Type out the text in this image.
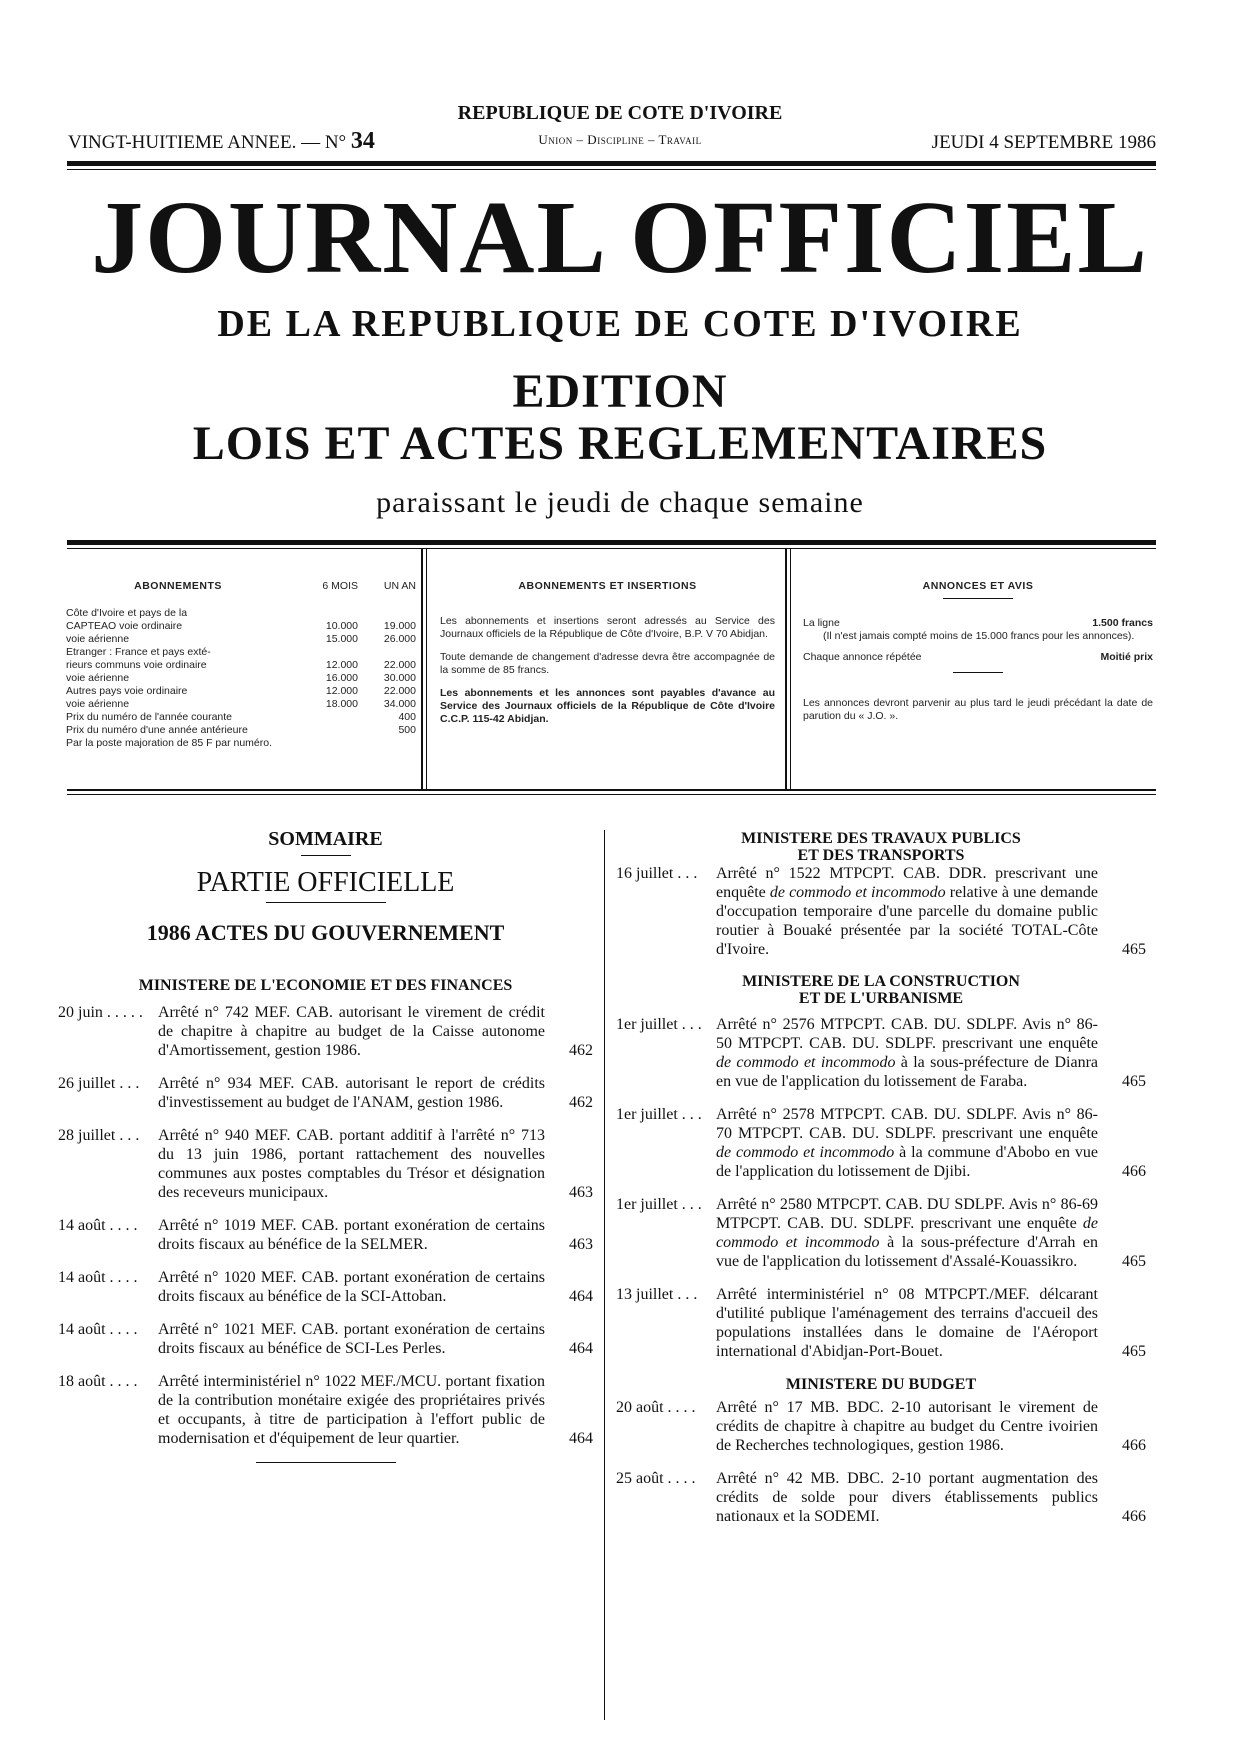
REPUBLIQUE DE COTE D'IVOIRE
VINGT-HUITIEME ANNEE. — N° 34	Union – Discipline – Travail	JEUDI 4 SEPTEMBRE 1986
JOURNAL OFFICIEL
DE LA REPUBLIQUE DE COTE D'IVOIRE
EDITION
LOIS ET ACTES REGLEMENTAIRES
paraissant le jeudi de chaque semaine
ABONNEMENTS	6 MOIS	UN AN
Côte d'Ivoire et pays de la
CAPTEAO voie ordinaire	10.000	19.000
voie aérienne	15.000	26.000
Etranger : France et pays exté-
rieurs communs voie ordinaire	12.000	22.000
voie aérienne	16.000	30.000
Autres pays voie ordinaire	12.000	22.000
voie aérienne	18.000	34.000
Prix du numéro de l'année courante	400
Prix du numéro d'une année antérieure	500
Par la poste majoration de 85 F par numéro.
ABONNEMENTS ET INSERTIONS
Les abonnements et insertions seront adressés au Service des Journaux officiels de la République de Côte d'Ivoire, B.P. V 70 Abidjan.
Toute demande de changement d'adresse devra être accompagnée de la somme de 85 francs.
Les abonnements et les annonces sont payables d'avance au Service des Journaux officiels de la République de Côte d'Ivoire C.C.P. 115-42 Abidjan.
ANNONCES ET AVIS
La ligne	1.500 francs
(Il n'est jamais compté moins de 15.000 francs pour les annonces).
Chaque annonce répétée	Moitié prix
Les annonces devront parvenir au plus tard le jeudi précédant la date de parution du « J.O. ».
SOMMAIRE
PARTIE OFFICIELLE
1986 ACTES DU GOUVERNEMENT
MINISTERE DE L'ECONOMIE ET DES FINANCES
20 juin . . . . . Arrêté n° 742 MEF. CAB. autorisant le virement de crédit de chapitre à chapitre au budget de la Caisse autonome d'Amortissement, gestion 1986.	462
26 juillet . . .	Arrêté n° 934 MEF. CAB. autorisant le report de crédits d'investissement au budget de l'ANAM, gestion 1986.	462
28 juillet . . .	Arrêté n° 940 MEF. CAB. portant additif à l'arrêté n° 713 du 13 juin 1986, portant rattachement des nouvelles communes aux postes comptables du Trésor et désignation des receveurs municipaux.	463
14 août . . . .	Arrêté n° 1019 MEF. CAB. portant exonération de certains droits fiscaux au bénéfice de la SELMER.	463
14 août . . . .	Arrêté n° 1020 MEF. CAB. portant exonération de certains droits fiscaux au bénéfice de la SCI-Attoban.	464
14 août . . . .	Arrêté n° 1021 MEF. CAB. portant exonération de certains droits fiscaux au bénéfice de SCI-Les Perles.	464
18 août . . . .	Arrêté interministériel n° 1022 MEF./MCU. portant fixation de la contribution monétaire exigée des propriétaires privés et occupants, à titre de participation à l'effort public de modernisation et d'équipement de leur quartier.	464
MINISTERE DES TRAVAUX PUBLICS
ET DES TRANSPORTS
16 juillet . . .	Arrêté n° 1522 MTPCPT. CAB. DDR. prescrivant une enquête de commodo et incommodo relative à une demande d'occupation temporaire d'une parcelle du domaine public routier à Bouaké présentée par la société TOTAL-Côte d'Ivoire.	465
MINISTERE DE LA CONSTRUCTION
ET DE L'URBANISME
1er juillet . . . Arrêté n° 2576 MTPCPT. CAB. DU. SDLPF. Avis n° 86-50 MTPCPT. CAB. DU. SDLPF. prescrivant une enquête de commodo et incommodo à la sous-préfecture de Dianra en vue de l'application du lotissement de Faraba.	465
1er juillet . . . Arrêté n° 2578 MTPCPT. CAB. DU. SDLPF. Avis n° 86-70 MTPCPT. CAB. DU. SDLPF. prescrivant une enquête de commodo et incommodo à la commune d'Abobo en vue de l'application du lotissement de Djibi.	466
1er juillet . . . Arrêté n° 2580 MTPCPT. CAB. DU SDLPF. Avis n° 86-69 MTPCPT. CAB. DU. SDLPF. prescrivant une enquête de commodo et incommodo à la sous-préfecture d'Arrah en vue de l'application du lotissement d'Assalé-Kouassikro.	465
13 juillet . . .	Arrêté interministériel n° 08 MTPCPT./MEF. délcarant d'utilité publique l'aménagement des terrains d'accueil des populations installées dans le domaine de l'Aéroport international d'Abidjan-Port-Bouet.	465
MINISTERE DU BUDGET
20 août . . . .	Arrêté n° 17 MB. BDC. 2-10 autorisant le virement de crédits de chapitre à chapitre au budget du Centre ivoirien de Recherches technologiques, gestion 1986.	466
25 août . . . .	Arrêté n° 42 MB. DBC. 2-10 portant augmentation des crédits de solde pour divers établissements publics nationaux et la SODEMI.	466
